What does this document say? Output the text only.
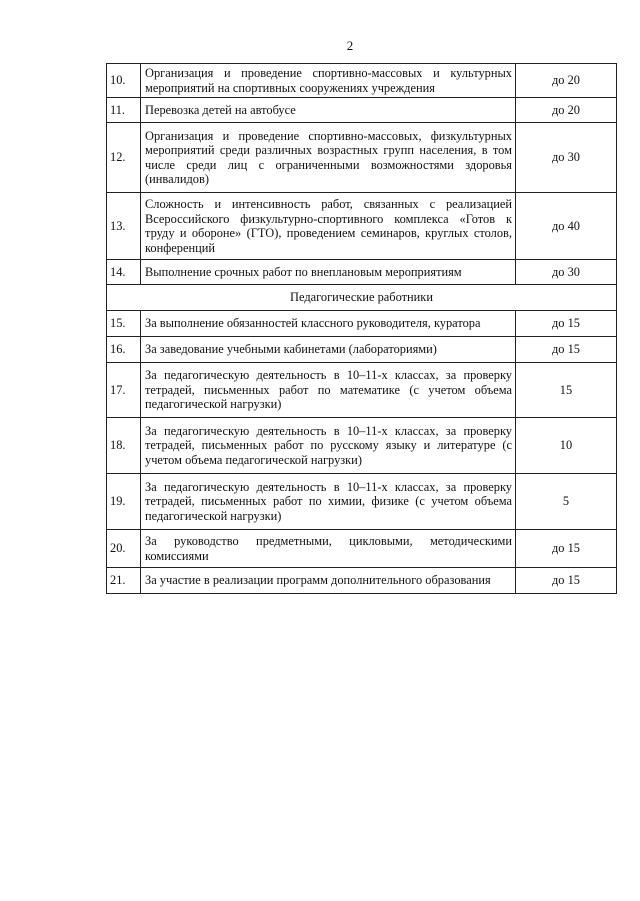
2
10.	Организация и проведение спортивно-массовых и культурных мероприятий на спортивных сооружениях учреждения	до 20
11.	Перевозка детей на автобусе	до 20
12.	Организация и проведение спортивно-массовых, физкультурных мероприятий среди различных возрастных групп населения, в том числе среди лиц с ограниченными возможностями здоровья (инвалидов)	до 30
13.	Сложность и интенсивность работ, связанных с реализацией Всероссийского физкультурно-спортивного комплекса «Готов к труду и обороне» (ГТО), проведением семинаров, круглых столов, конференций	до 40
14.	Выполнение срочных работ по внеплановым мероприятиям	до 30
Педагогические работники		
15.	За выполнение обязанностей классного руководителя, куратора	до 15
16.	За заведование учебными кабинетами (лабораториями)	до 15
17.	За педагогическую деятельность в 10–11-х классах, за проверку тетрадей, письменных работ по математике (с учетом объема педагогической нагрузки)	15
18.	За педагогическую деятельность в 10–11-х классах, за проверку тетрадей, письменных работ по русскому языку и литературе (с учетом объема педагогической нагрузки)	10
19.	За педагогическую деятельность в 10–11-х классах, за проверку тетрадей, письменных работ по химии, физике (с учетом объема педагогической нагрузки)	5
20.	За руководство предметными, цикловыми, методическими комиссиями	до 15
21.	За участие в реализации программ дополнительного образования	до 15
